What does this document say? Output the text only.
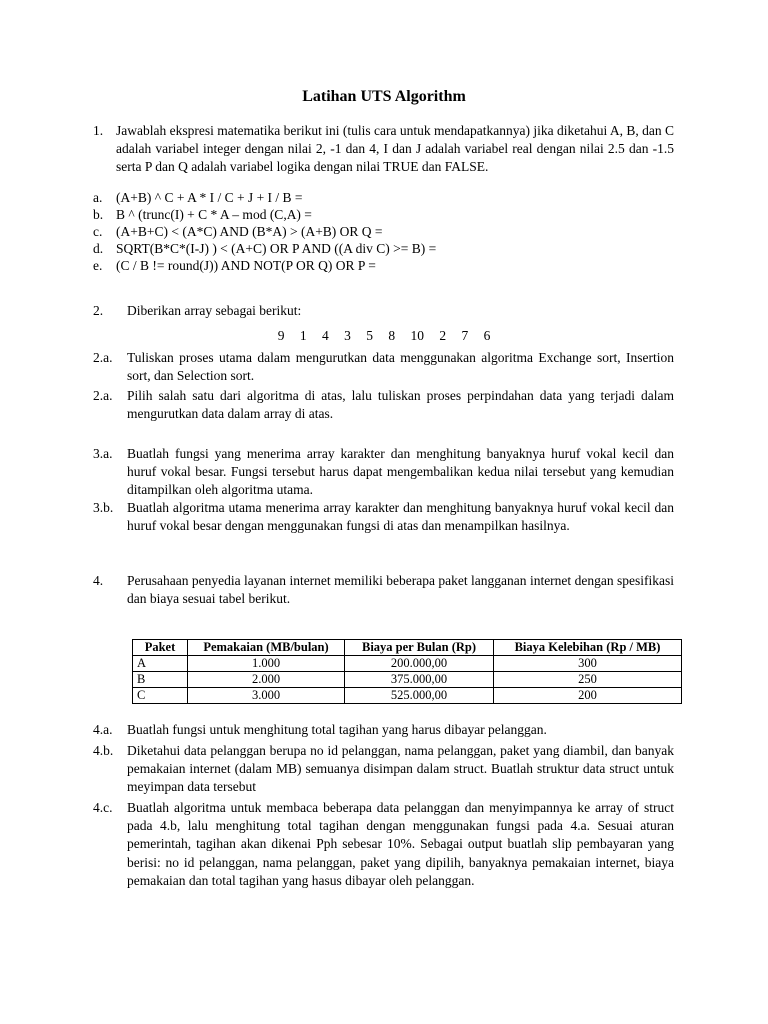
Latihan UTS Algorithm
1. Jawablah ekspresi matematika berikut ini (tulis cara untuk mendapatkannya) jika diketahui A, B, dan C adalah variabel integer dengan nilai 2, -1 dan 4, I dan J adalah variabel real dengan nilai 2.5 dan -1.5 serta P dan Q adalah variabel logika dengan nilai TRUE dan FALSE.
a. (A+B) ^ C + A * I / C + J + I / B =
b. B ^ (trunc(I) + C * A – mod (C,A) =
c. (A+B+C) < (A*C) AND (B*A) > (A+B) OR Q =
d. SQRT(B*C*(I-J) ) < (A+C) OR P AND ((A div C) >= B) =
e. (C / B != round(J)) AND NOT(P OR Q) OR P =
2. Diberikan array sebagai berikut:
9 1 4 3 5 8 10 2 7 6
2.a. Tuliskan proses utama dalam mengurutkan data menggunakan algoritma Exchange sort, Insertion sort, dan Selection sort.
2.a. Pilih salah satu dari algoritma di atas, lalu tuliskan proses perpindahan data yang terjadi dalam mengurutkan data dalam array di atas.
3.a. Buatlah fungsi yang menerima array karakter dan menghitung banyaknya huruf vokal kecil dan huruf vokal besar. Fungsi tersebut harus dapat mengembalikan kedua nilai tersebut yang kemudian ditampilkan oleh algoritma utama.
3.b. Buatlah algoritma utama menerima array karakter dan menghitung banyaknya huruf vokal kecil dan huruf vokal besar dengan menggunakan fungsi di atas dan menampilkan hasilnya.
4. Perusahaan penyedia layanan internet memiliki beberapa paket langganan internet dengan spesifikasi dan biaya sesuai tabel berikut.
Paket	Pemakaian (MB/bulan)	Biaya per Bulan (Rp)	Biaya Kelebihan (Rp / MB)
A	1.000	200.000,00	300
B	2.000	375.000,00	250
C	3.000	525.000,00	200
4.a. Buatlah fungsi untuk menghitung total tagihan yang harus dibayar pelanggan.
4.b. Diketahui data pelanggan berupa no id pelanggan, nama pelanggan, paket yang diambil, dan banyak pemakaian internet (dalam MB) semuanya disimpan dalam struct. Buatlah struktur data struct untuk meyimpan data tersebut
4.c. Buatlah algoritma untuk membaca beberapa data pelanggan dan menyimpannya ke array of struct pada 4.b, lalu menghitung total tagihan dengan menggunakan fungsi pada 4.a. Sesuai aturan pemerintah, tagihan akan dikenai Pph sebesar 10%. Sebagai output buatlah slip pembayaran yang berisi: no id pelanggan, nama pelanggan, paket yang dipilih, banyaknya pemakaian internet, biaya pemakaian dan total tagihan yang hasus dibayar oleh pelanggan.
